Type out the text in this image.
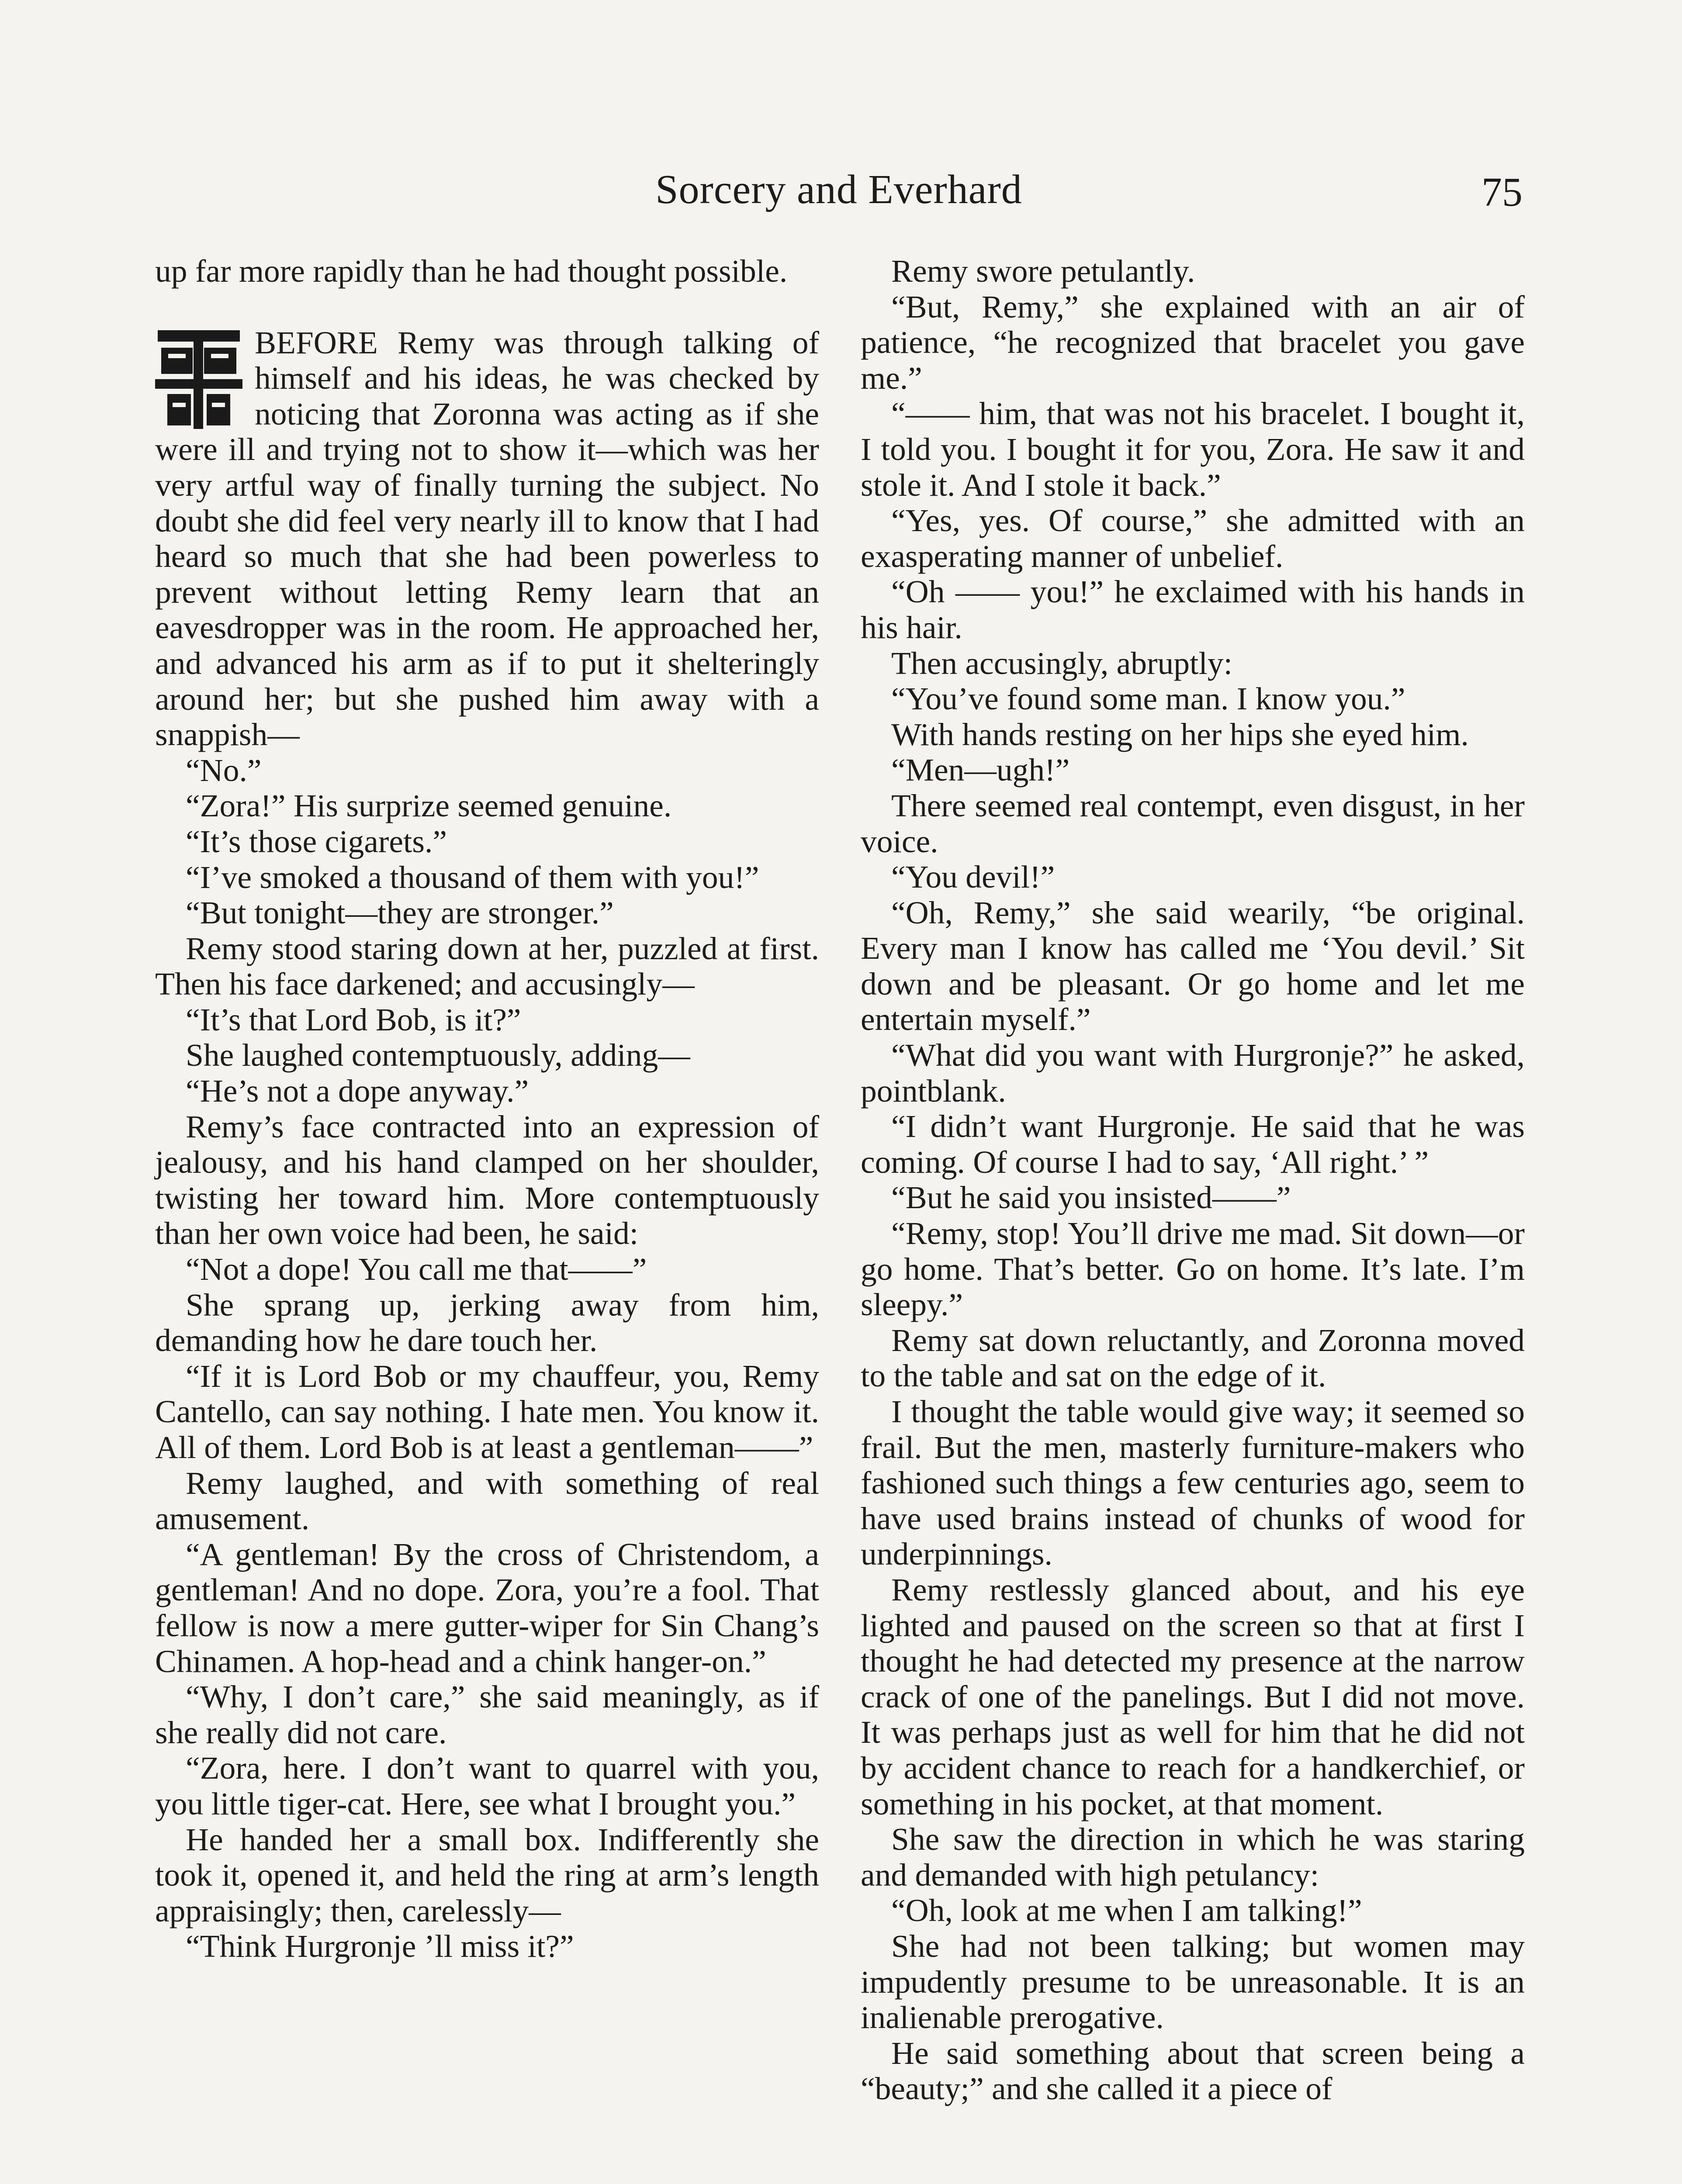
Sorcery and Everhard	75

up far more rapidly than he had thought possible.

BEFORE Remy was through talking of himself and his ideas, he was checked by noticing that Zoronna was acting as if she were ill and trying not to show it—which was her very artful way of finally turning the subject. No doubt she did feel very nearly ill to know that I had heard so much that she had been powerless to prevent without letting Remy learn that an eavesdropper was in the room. He approached her, and advanced his arm as if to put it shelteringly around her; but she pushed him away with a snappish—

“No.”

“Zora!” His surprize seemed genuine.

“It’s those cigarets.”

“I’ve smoked a thousand of them with you!”

“But tonight—they are stronger.”

Remy stood staring down at her, puzzled at first. Then his face darkened; and accusingly—

“It’s that Lord Bob, is it?”

She laughed contemptuously, adding—

“He’s not a dope anyway.”

Remy’s face contracted into an expression of jealousy, and his hand clamped on her shoulder, twisting her toward him. More contemptuously than her own voice had been, he said:

“Not a dope! You call me that——”

She sprang up, jerking away from him, demanding how he dare touch her.

“If it is Lord Bob or my chauffeur, you, Remy Cantello, can say nothing. I hate men. You know it. All of them. Lord Bob is at least a gentleman——”

Remy laughed, and with something of real amusement.

“A gentleman! By the cross of Christendom, a gentleman! And no dope. Zora, you’re a fool. That fellow is now a mere gutter-wiper for Sin Chang’s Chinamen. A hop-head and a chink hanger-on.”

“Why, I don’t care,” she said meaningly, as if she really did not care.

“Zora, here. I don’t want to quarrel with you, you little tiger-cat. Here, see what I brought you.”

He handed her a small box. Indifferently she took it, opened it, and held the ring at arm’s length appraisingly; then, carelessly—

“Think Hurgronje ’ll miss it?”

Remy swore petulantly.

“But, Remy,” she explained with an air of patience, “he recognized that bracelet you gave me.”

“—— him, that was not his bracelet. I bought it, I told you. I bought it for you, Zora. He saw it and stole it. And I stole it back.”

“Yes, yes. Of course,” she admitted with an exasperating manner of unbelief.

“Oh —— you!” he exclaimed with his hands in his hair.

Then accusingly, abruptly:

“You’ve found some man. I know you.”

With hands resting on her hips she eyed him.

“Men—ugh!”

There seemed real contempt, even disgust, in her voice.

“You devil!”

“Oh, Remy,” she said wearily, “be original. Every man I know has called me ‘You devil.’ Sit down and be pleasant. Or go home and let me entertain myself.”

“What did you want with Hurgronje?” he asked, pointblank.

“I didn’t want Hurgronje. He said that he was coming. Of course I had to say, ‘All right.’ ”

“But he said you insisted——”

“Remy, stop! You’ll drive me mad. Sit down—or go home. That’s better. Go on home. It’s late. I’m sleepy.”

Remy sat down reluctantly, and Zoronna moved to the table and sat on the edge of it.

I thought the table would give way; it seemed so frail. But the men, masterly furniture-makers who fashioned such things a few centuries ago, seem to have used brains instead of chunks of wood for underpinnings.

Remy restlessly glanced about, and his eye lighted and paused on the screen so that at first I thought he had detected my presence at the narrow crack of one of the panelings. But I did not move. It was perhaps just as well for him that he did not by accident chance to reach for a handkerchief, or something in his pocket, at that moment.

She saw the direction in which he was staring and demanded with high petulancy:

“Oh, look at me when I am talking!”

She had not been talking; but women may impudently presume to be unreasonable. It is an inalienable prerogative.

He said something about that screen being a “beauty;” and she called it a piece of
